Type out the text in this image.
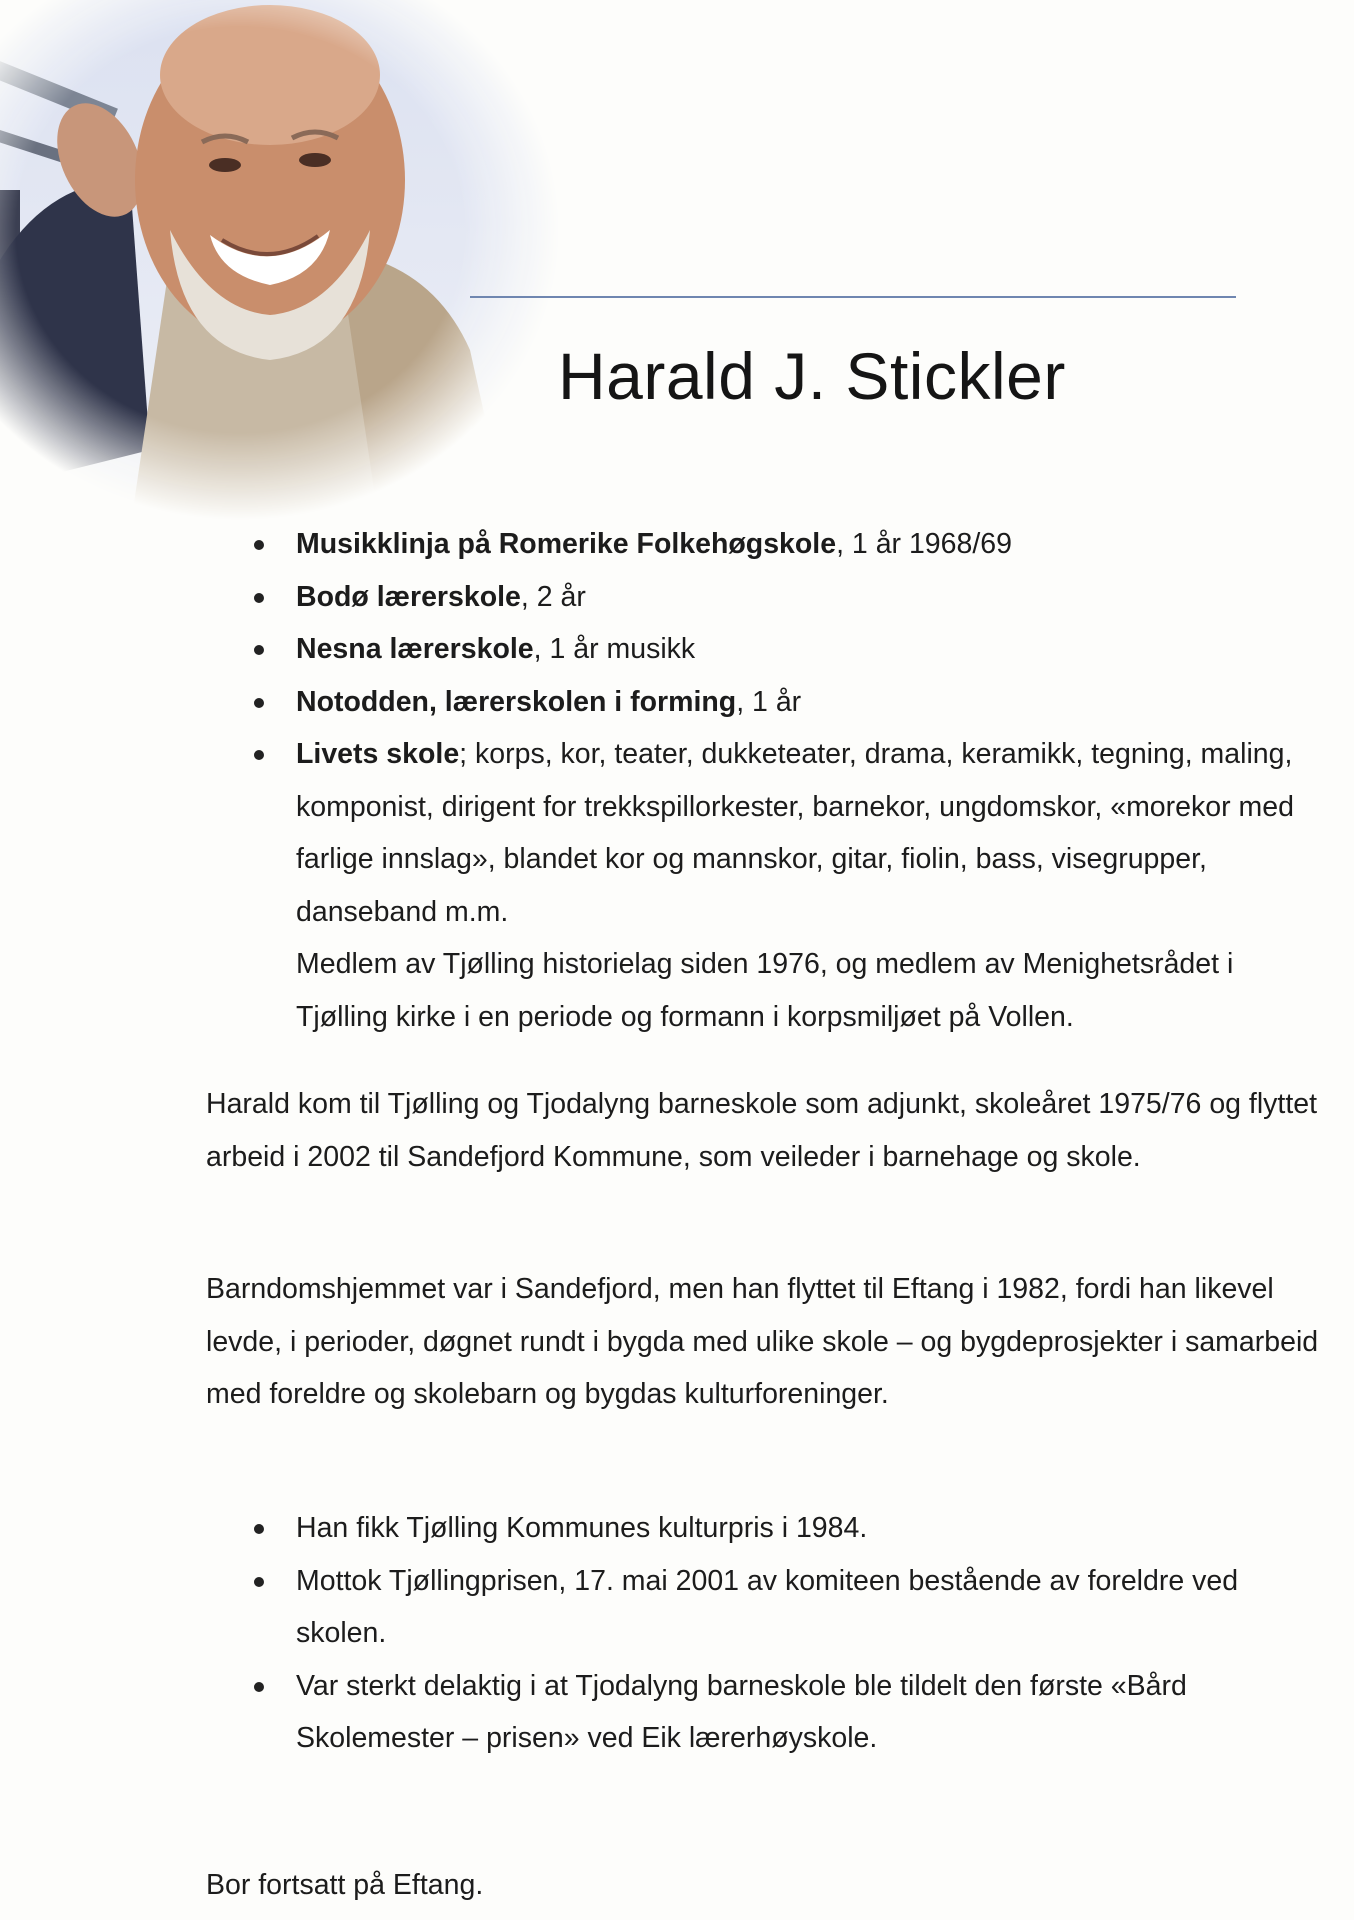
Harald J. Stickler
Musikklinja på Romerike Folkehøgskole, 1 år 1968/69
Bodø lærerskole, 2 år
Nesna lærerskole, 1 år musikk
Notodden, lærerskolen i forming, 1 år
Livets skole; korps, kor, teater, dukketeater, drama, keramikk, tegning, maling, komponist, dirigent for trekkspillorkester, barnekor, ungdomskor, «morekor med farlige innslag», blandet kor og mannskor, gitar, fiolin, bass, visegrupper, danseband m.m.
Medlem av Tjølling historielag siden 1976, og medlem av Menighetsrådet i Tjølling kirke i en periode og formann i korpsmiljøet på Vollen.

Harald kom til Tjølling og Tjodalyng barneskole som adjunkt, skoleåret 1975/76 og flyttet arbeid i 2002 til Sandefjord Kommune, som veileder i barnehage og skole.

Barndomshjemmet var i Sandefjord, men han flyttet til Eftang i 1982, fordi han likevel levde, i perioder, døgnet rundt i bygda med ulike skole – og bygdeprosjekter i samarbeid med foreldre og skolebarn og bygdas kulturforeninger.

Han fikk Tjølling Kommunes kulturpris i 1984.
Mottok Tjøllingprisen, 17. mai 2001 av komiteen bestående av foreldre ved skolen.
Var sterkt delaktig i at Tjodalyng barneskole ble tildelt den første «Bård Skolemester – prisen» ved Eik lærerhøyskole.

Bor fortsatt på Eftang.
